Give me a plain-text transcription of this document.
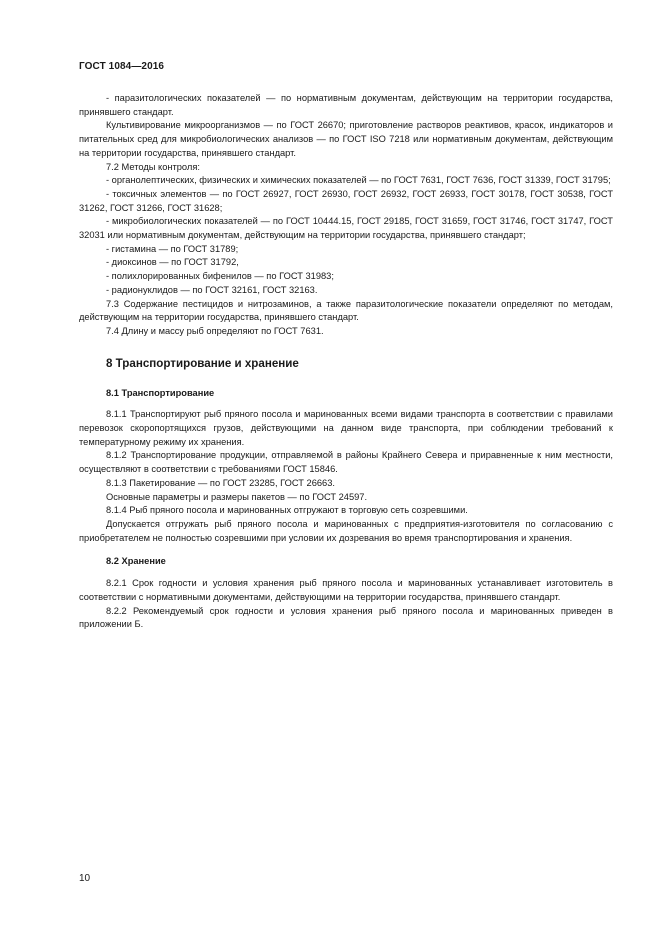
ГОСТ 1084—2016

- паразитологических показателей — по нормативным документам, действующим на территории государства, принявшего стандарт.

Культивирование микроорганизмов — по ГОСТ 26670; приготовление растворов реактивов, красок, индикаторов и питательных сред для микробиологических анализов — по ГОСТ ISO 7218 или нормативным документам, действующим на территории государства, принявшего стандарт.

7.2 Методы контроля:

- органолептических, физических и химических показателей — по ГОСТ 7631, ГОСТ 7636, ГОСТ 31339, ГОСТ 31795;

- токсичных элементов — по ГОСТ 26927, ГОСТ 26930, ГОСТ 26932, ГОСТ 26933, ГОСТ 30178, ГОСТ 30538, ГОСТ 31262, ГОСТ 31266, ГОСТ 31628;

- микробиологических показателей — по ГОСТ 10444.15, ГОСТ 29185, ГОСТ 31659, ГОСТ 31746, ГОСТ 31747, ГОСТ 32031 или нормативным документам, действующим на территории государства, принявшего стандарт;

- гистамина — по ГОСТ 31789;

- диоксинов — по ГОСТ 31792,

- полихлорированных бифенилов — по ГОСТ 31983;

- радионуклидов — по ГОСТ 32161, ГОСТ 32163.

7.3 Содержание пестицидов и нитрозаминов, а также паразитологические показатели определяют по методам, действующим на территории государства, принявшего стандарт.

7.4 Длину и массу рыб определяют по ГОСТ 7631.

8 Транспортирование и хранение

8.1 Транспортирование

8.1.1 Транспортируют рыб пряного посола и маринованных всеми видами транспорта в соответствии с правилами перевозок скоропортящихся грузов, действующими на данном виде транспорта, при соблюдении требований к температурному режиму их хранения.

8.1.2 Транспортирование продукции, отправляемой в районы Крайнего Севера и приравненные к ним местности, осуществляют в соответствии с требованиями ГОСТ 15846.

8.1.3 Пакетирование — по ГОСТ 23285, ГОСТ 26663.

Основные параметры и размеры пакетов — по ГОСТ 24597.

8.1.4 Рыб пряного посола и маринованных отгружают в торговую сеть созревшими.

Допускается отгружать рыб пряного посола и маринованных с предприятия-изготовителя по согласованию с приобретателем не полностью созревшими при условии их дозревания во время транспортирования и хранения.

8.2 Хранение

8.2.1 Срок годности и условия хранения рыб пряного посола и маринованных устанавливает изготовитель в соответствии с нормативными документами, действующими на территории государства, принявшего стандарт.

8.2.2 Рекомендуемый срок годности и условия хранения рыб пряного посола и маринованных приведен в приложении Б.

10
